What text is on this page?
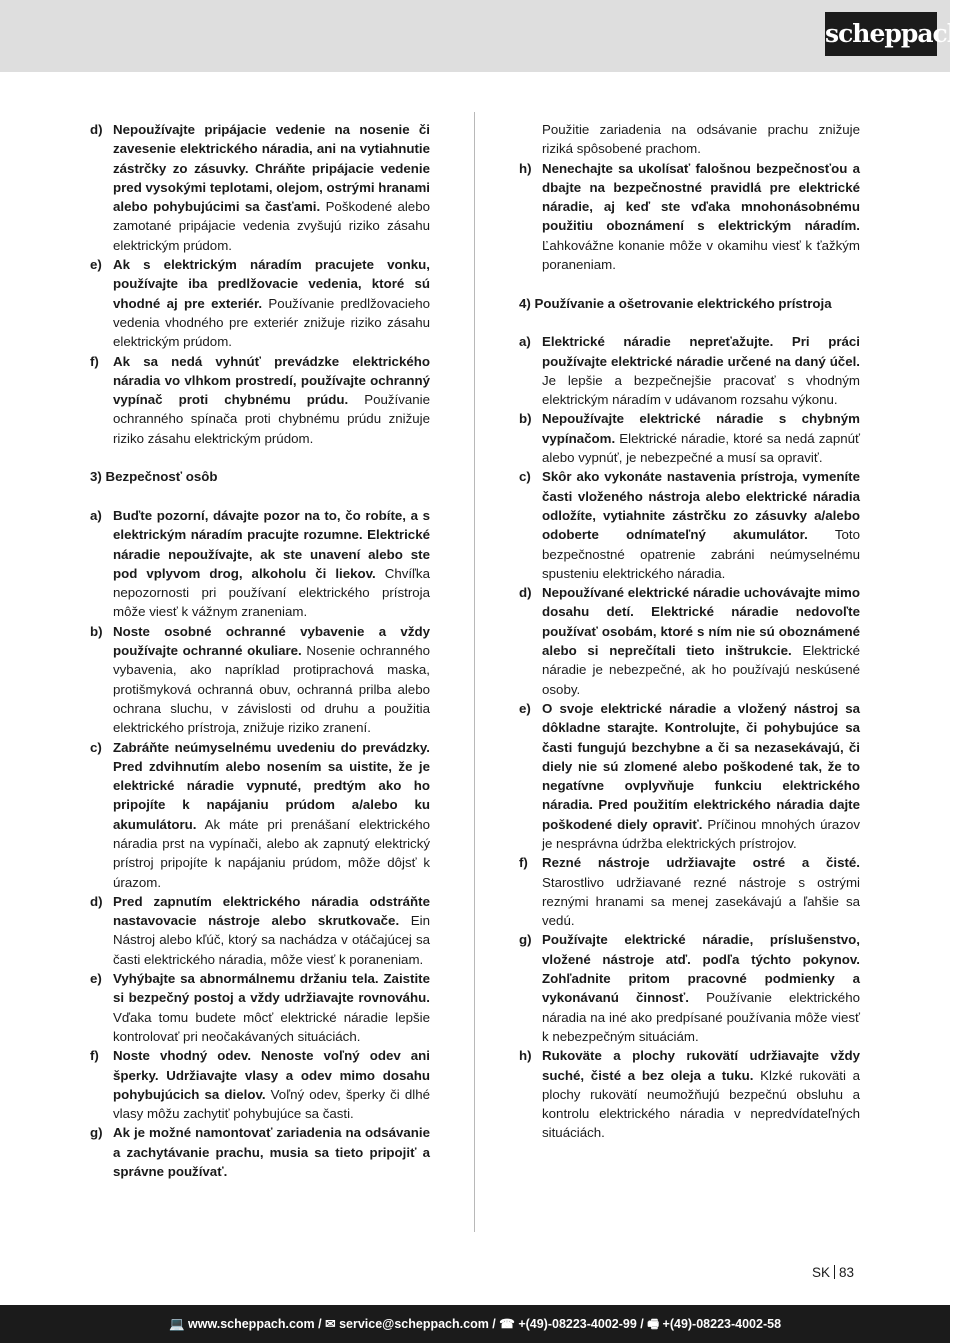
scheppach
d) Nepoužívajte pripájacie vedenie na nosenie či zavesenie elektrického náradia, ani na vytiahnutie zástrčky zo zásuvky. Chráňte pripájacie vedenie pred vysokými teplotami, olejom, ostrými hranami alebo pohybujúcimi sa časťami. Poškodené alebo zamotané pripájacie vedenia zvyšujú riziko zásahu elektrickým prúdom.
e) Ak s elektrickým náradím pracujete vonku, používajte iba predlžovacie vedenia, ktoré sú vhodné aj pre exteriér. Používanie predlžovacieho vedenia vhodného pre exteriér znižuje riziko zásahu elektrickým prúdom.
f) Ak sa nedá vyhnúť prevádzke elektrického náradia vo vlhkom prostredí, používajte ochranný vypínač proti chybnému prúdu. Používanie ochranného spínača proti chybnému prúdu znižuje riziko zásahu elektrickým prúdom.
3) Bezpečnosť osôb
a) Buďte pozorní, dávajte pozor na to, čo robíte, a s elektrickým náradím pracujte rozumne. Elektrické náradie nepoužívajte, ak ste unavení alebo ste pod vplyvom drog, alkoholu či liekov. Chvíľka nepozornosti pri používaní elektrického prístroja môže viesť k vážnym zraneniam.
b) Noste osobné ochranné vybavenie a vždy používajte ochranné okuliare. Nosenie ochranného vybavenia, ako napríklad protiprachová maska, protišmyková ochranná obuv, ochranná prilba alebo ochrana sluchu, v závislosti od druhu a použitia elektrického prístroja, znižuje riziko zranení.
c) Zabráňte neúmyselnému uvedeniu do prevádzky. Pred zdvihnutím alebo nosením sa uistite, že je elektrické náradie vypnuté, predtým ako ho pripojíte k napájaniu prúdom a/alebo ku akumulátoru. Ak máte pri prenášaní elektrického náradia prst na vypínači, alebo ak zapnutý elektrický prístroj pripojíte k napájaniu prúdom, môže dôjsť k úrazom.
d) Pred zapnutím elektrického náradia odstráňte nastavovacie nástroje alebo skrutkovače. Ein Nástroj alebo kľúč, ktorý sa nachádza v otáčajúcej sa časti elektrického náradia, môže viesť k poraneniam.
e) Vyhýbajte sa abnormálnemu držaniu tela. Zaistite si bezpečný postoj a vždy udržiavajte rovnováhu. Vďaka tomu budete môcť elektrické náradie lepšie kontrolovať pri neočakávaných situáciách.
f) Noste vhodný odev. Nenoste voľný odev ani šperky. Udržiavajte vlasy a odev mimo dosahu pohybujúcich sa dielov. Voľný odev, šperky či dlhé vlasy môžu zachytiť pohybujúce sa časti.
g) Ak je možné namontovať zariadenia na odsávanie a zachytávanie prachu, musia sa tieto pripojiť a správne používať.
Použitie zariadenia na odsávanie prachu znižuje riziká spôsobené prachom.
h) Nenechajte sa ukolísať falošnou bezpečnosťou a dbajte na bezpečnostné pravidlá pre elektrické náradie, aj keď ste vďaka mnohonásobnému použitiu oboznámení s elektrickým náradím. Ľahkovážne konanie môže v okamihu viesť k ťažkým poraneniam.
4) Používanie a ošetrovanie elektrického prístroja
a) Elektrické náradie nepreťažujte. Pri práci používajte elektrické náradie určené na daný účel. Je lepšie a bezpečnejšie pracovať s vhodným elektrickým náradím v udávanom rozsahu výkonu.
b) Nepoužívajte elektrické náradie s chybným vypínačom. Elektrické náradie, ktoré sa nedá zapnúť alebo vypnúť, je nebezpečné a musí sa opraviť.
c) Skôr ako vykonáte nastavenia prístroja, vymeníte časti vloženého nástroja alebo elektrické náradia odložíte, vytiahnite zástrčku zo zásuvky a/alebo odoberte odnímateľný akumulátor. Toto bezpečnostné opatrenie zabráni neúmyselnému spusteniu elektrického náradia.
d) Nepoužívané elektrické náradie uchovávajte mimo dosahu detí. Elektrické náradie nedovoľte používať osobám, ktoré s ním nie sú oboznámené alebo si neprečítali tieto inštrukcie. Elektrické náradie je nebezpečné, ak ho používajú neskúsené osoby.
e) O svoje elektrické náradie a vložený nástroj sa dôkladne starajte. Kontrolujte, či pohybujúce sa časti fungujú bezchybne a či sa nezasekávajú, či diely nie sú zlomené alebo poškodené tak, že to negatívne ovplyvňuje funkciu elektrického náradia. Pred použitím elektrického náradia dajte poškodené diely opraviť. Príčinou mnohých úrazov je nesprávna údržba elektrických prístrojov.
f) Rezné nástroje udržiavajte ostré a čisté. Starostlivo udržiavané rezné nástroje s ostrými reznými hranami sa menej zasekávajú a ľahšie sa vedú.
g) Používajte elektrické náradie, príslušenstvo, vložené nástroje atď. podľa týchto pokynov. Zohľadnite pritom pracovné podmienky a vykonávanú činnosť. Používanie elektrického náradia na iné ako predpísané používania môže viesť k nebezpečným situáciám.
h) Rukoväte a plochy rukovätí udržiavajte vždy suché, čisté a bez oleja a tuku. Klzké rukoväti a plochy rukovätí neumožňujú bezpečnú obsluhu a kontrolu elektrického náradia v nepredvídateľných situáciách.
SK 83
💻 www.scheppach.com / ✉ service@scheppach.com / ☎ +(49)-08223-4002-99 / 🖷 +(49)-08223-4002-58
